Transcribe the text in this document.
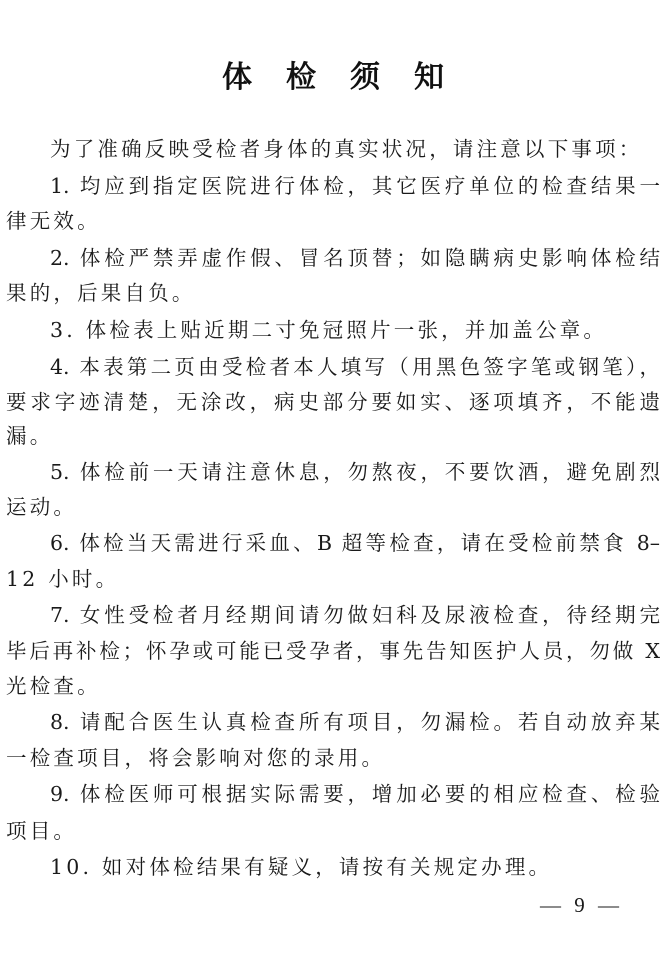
体检须知
为了准确反映受检者身体的真实状况，请注意以下事项：
1. 均应到指定医院进行体检，其它医疗单位的检查结果一
律无效。
2. 体检严禁弄虚作假、冒名顶替；如隐瞒病史影响体检结
果的，后果自负。
3. 体检表上贴近期二寸免冠照片一张，并加盖公章。
4. 本表第二页由受检者本人填写（用黑色签字笔或钢笔），
要求字迹清楚，无涂改，病史部分要如实、逐项填齐，不能遗
漏。
5. 体检前一天请注意休息，勿熬夜，不要饮酒，避免剧烈
运动。
6. 体检当天需进行采血、B 超等检查，请在受检前禁食 8–
12 小时。
7. 女性受检者月经期间请勿做妇科及尿液检查，待经期完
毕后再补检；怀孕或可能已受孕者，事先告知医护人员，勿做 X
光检查。
8. 请配合医生认真检查所有项目，勿漏检。若自动放弃某
一检查项目，将会影响对您的录用。
9. 体检医师可根据实际需要，增加必要的相应检查、检验
项目。
10. 如对体检结果有疑义，请按有关规定办理。
— 9 —
